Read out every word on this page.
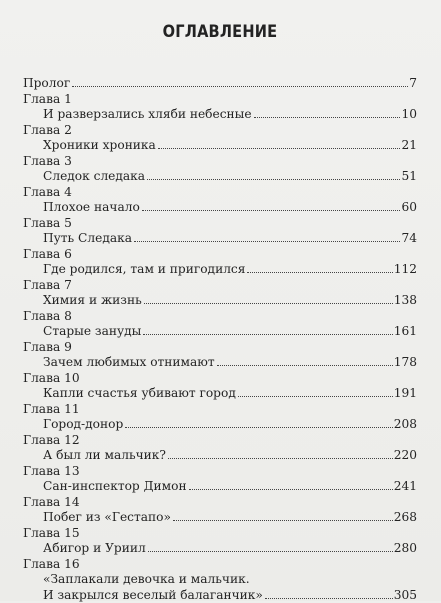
ОГЛАВЛЕНИЕ
Пролог	7
Глава 1
И разверзались хляби небесные	10
Глава 2
Хроники хроника	21
Глава 3
Следок следака	51
Глава 4
Плохое начало	60
Глава 5
Путь Следака	74
Глава 6
Где родился, там и пригодился	112
Глава 7
Химия и жизнь	138
Глава 8
Старые зануды	161
Глава 9
Зачем любимых отнимают	178
Глава 10
Капли счастья убивают город	191
Глава 11
Город-донор	208
Глава 12
А был ли мальчик?	220
Глава 13
Сан-инспектор Димон	241
Глава 14
Побег из «Гестапо»	268
Глава 15
Абигор и Уриил	280
Глава 16
«Заплакали девочка и мальчик.
И закрылся веселый балаганчик»	305
